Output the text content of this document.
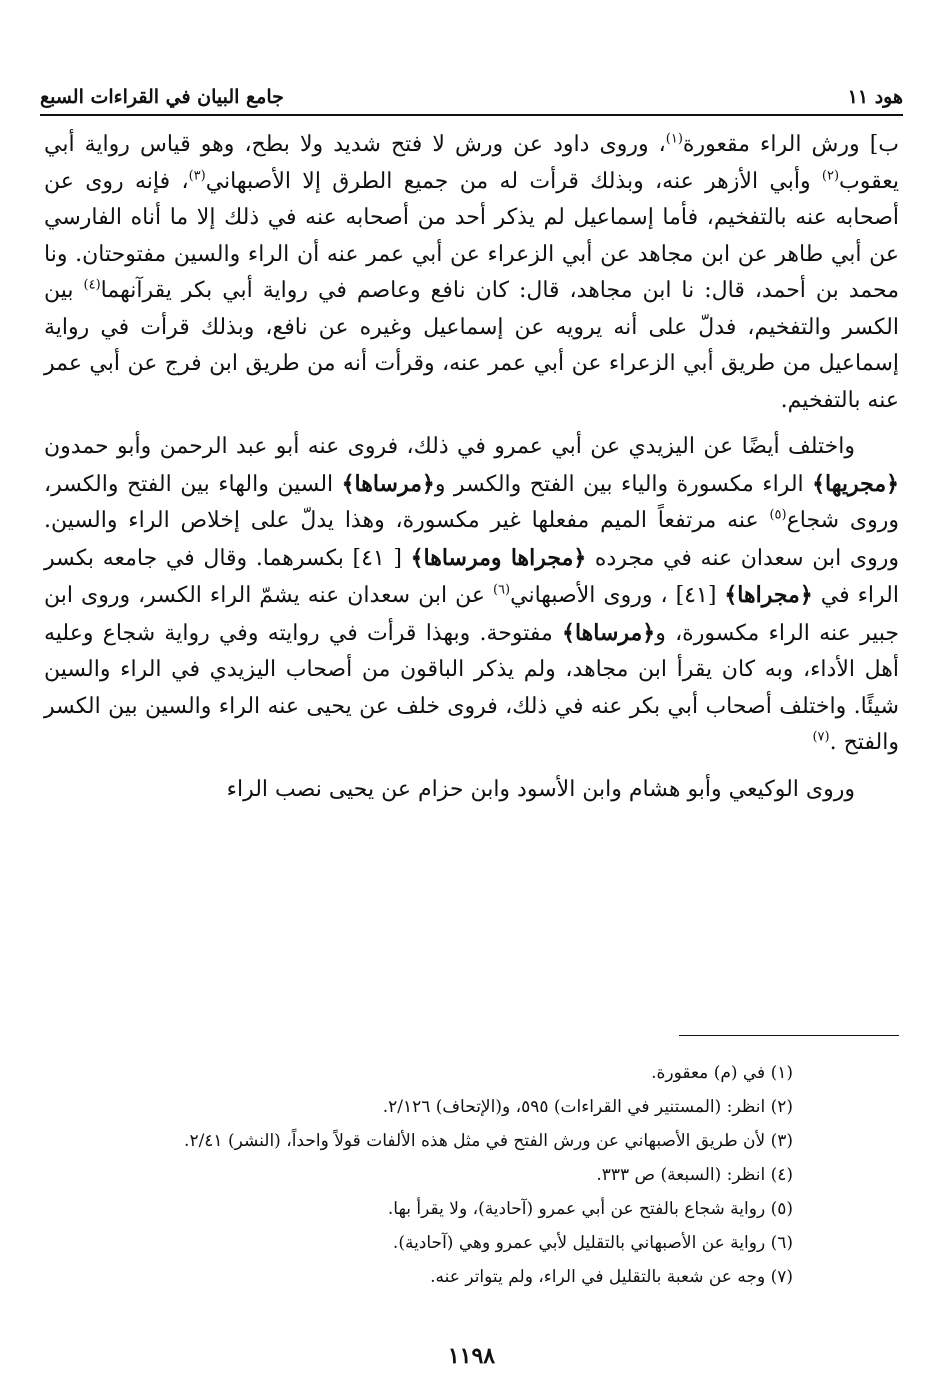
هود ١١
جامع البيان في القراءات السبع

ب] ورش الراء مقعورة$^{(١)}$، وروى داود عن ورش لا فتح شديد ولا بطح، وهو قياس رواية أبي يعقوب$^{(٢)}$ وأبي الأزهر عنه، وبذلك قرأت له من جميع الطرق إلا الأصبهاني$^{(٣)}$، فإنه روى عن أصحابه عنه بالتفخيم، فأما إسماعيل لم يذكر أحد من أصحابه عنه في ذلك إلا ما أناه الفارسي عن أبي طاهر عن ابن مجاهد عن أبي الزعراء عن أبي عمر عنه أن الراء والسين مفتوحتان. ونا محمد بن أحمد، قال: نا ابن مجاهد، قال: كان نافع وعاصم في رواية أبي بكر يقرآنهما$^{(٤)}$ بين الكسر والتفخيم، فدلّ على أنه يرويه عن إسماعيل وغيره عن نافع، وبذلك قرأت في رواية إسماعيل من طريق أبي الزعراء عن أبي عمر عنه، وقرأت أنه من طريق ابن فرج عن أبي عمر عنه بالتفخيم.

واختلف أيضًا عن اليزيدي عن أبي عمرو في ذلك، فروى عنه أبو عبد الرحمن وأبو حمدون ﴿مجريها﴾ الراء مكسورة والياء بين الفتح والكسر و﴿مرساها﴾ السين والهاء بين الفتح والكسر، وروى شجاع$^{(٥)}$ عنه مرتفعاً الميم مفعلها غير مكسورة، وهذا يدلّ على إخلاص الراء والسين. وروى ابن سعدان عنه في مجرده ﴿مجراها ومرساها﴾ [ ٤١] بكسرهما. وقال في جامعه بكسر الراء في ﴿مجراها﴾ [٤١] ، وروى الأصبهاني$^{(٦)}$ عن ابن سعدان عنه يشمّ الراء الكسر، وروى ابن جبير عنه الراء مكسورة، و﴿مرساها﴾ مفتوحة. وبهذا قرأت في روايته وفي رواية شجاع وعليه أهل الأداء، وبه كان يقرأ ابن مجاهد، ولم يذكر الباقون من أصحاب اليزيدي في الراء والسين شيئًا. واختلف أصحاب أبي بكر عنه في ذلك، فروى خلف عن يحيى عنه الراء والسين بين الكسر والفتح .$^{(٧)}$

وروى الوكيعي وأبو هشام وابن الأسود وابن حزام عن يحيى نصب الراء

(١) في (م) معقورة.

(٢) انظر: (المستنير في القراءات) ٥٩٥، و(الإتحاف) ٢/١٢٦.

(٣) لأن طريق الأصبهاني عن ورش الفتح في مثل هذه الألفات قولاً واحداً، (النشر) ٢/٤١.

(٤) انظر: (السبعة) ص ٣٣٣.

(٥) رواية شجاع بالفتح عن أبي عمرو (آحادية)، ولا يقرأ بها.

(٦) رواية عن الأصبهاني بالتقليل لأبي عمرو وهي (آحادية).

(٧) وجه عن شعبة بالتقليل في الراء، ولم يتواتر عنه.

١١٩٨
